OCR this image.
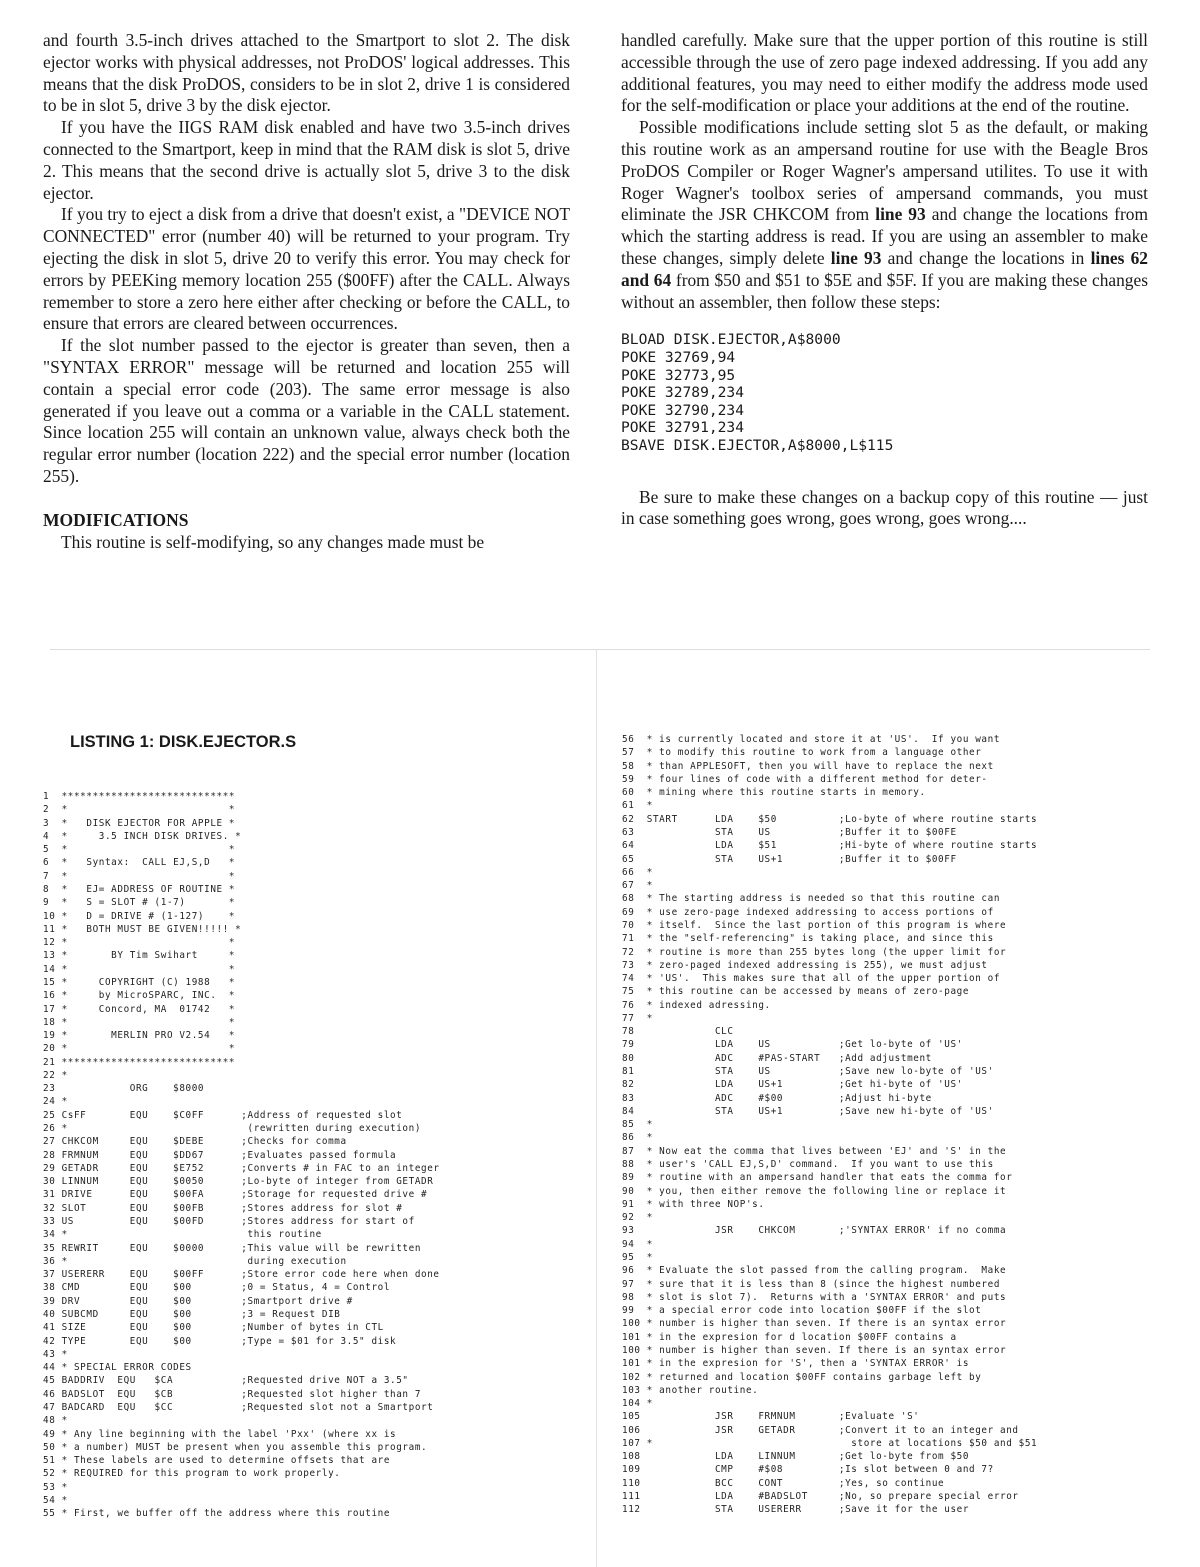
and fourth 3.5-inch drives attached to the Smartport to slot 2. The disk ejector works with physical addresses, not ProDOS' logical addresses. This means that the disk ProDOS, considers to be in slot 2, drive 1 is considered to be in slot 5, drive 3 by the disk ejector.

If you have the IIGS RAM disk enabled and have two 3.5-inch drives connected to the Smartport, keep in mind that the RAM disk is slot 5, drive 2. This means that the second drive is actually slot 5, drive 3 to the disk ejector.

If you try to eject a disk from a drive that doesn't exist, a "DEVICE NOT CONNECTED" error (number 40) will be returned to your program. Try ejecting the disk in slot 5, drive 20 to verify this error. You may check for errors by PEEKing memory location 255 ($00FF) after the CALL. Always remember to store a zero here either after checking or before the CALL, to ensure that errors are cleared between occurrences.

If the slot number passed to the ejector is greater than seven, then a "SYNTAX ERROR" message will be returned and location 255 will contain a special error code (203). The same error message is also generated if you leave out a comma or a variable in the CALL statement. Since location 255 will contain an unknown value, always check both the regular error number (location 222) and the special error number (location 255).

MODIFICATIONS

This routine is self-modifying, so any changes made must be

handled carefully. Make sure that the upper portion of this routine is still accessible through the use of zero page indexed addressing. If you add any additional features, you may need to either modify the address mode used for the self-modification or place your additions at the end of the routine.

Possible modifications include setting slot 5 as the default, or making this routine work as an ampersand routine for use with the Beagle Bros ProDOS Compiler or Roger Wagner's ampersand utilites. To use it with Roger Wagner's toolbox series of ampersand commands, you must eliminate the JSR CHKCOM from line 93 and change the locations from which the starting address is read. If you are using an assembler to make these changes, simply delete line 93 and change the locations in lines 62 and 64 from $50 and $51 to $5E and $5F. If you are making these changes without an assembler, then follow these steps:

BLOAD DISK.EJECTOR,A$8000
POKE 32769,94
POKE 32773,95
POKE 32789,234
POKE 32790,234
POKE 32791,234
BSAVE DISK.EJECTOR,A$8000,L$115

Be sure to make these changes on a backup copy of this routine — just in case something goes wrong, goes wrong, goes wrong....

LISTING 1: DISK.EJECTOR.S
1  ****************************
2  *                          *
3  *   DISK EJECTOR FOR APPLE *
4  *     3.5 INCH DISK DRIVES. *
5  *                          *
6  *   Syntax:  CALL EJ,S,D   *
7  *                          *
8  *   EJ= ADDRESS OF ROUTINE *
9  *   S = SLOT # (1-7)       *
10 *   D = DRIVE # (1-127)    *
11 *   BOTH MUST BE GIVEN!!!!! *
12 *                          *
13 *       BY Tim Swihart     *
14 *                          *
15 *     COPYRIGHT (C) 1988   *
16 *     by MicroSPARC, INC.  *
17 *     Concord, MA  01742   *
18 *                          *
19 *       MERLIN PRO V2.54   *
20 *                          *
21 ****************************
22 *
23            ORG    $8000
24 *
25 CsFF       EQU    $C0FF      ;Address of requested slot
26 *                             (rewritten during execution)
27 CHKCOM     EQU    $DEBE      ;Checks for comma
28 FRMNUM     EQU    $DD67      ;Evaluates passed formula
29 GETADR     EQU    $E752      ;Converts # in FAC to an integer
30 LINNUM     EQU    $0050      ;Lo-byte of integer from GETADR
31 DRIVE      EQU    $00FA      ;Storage for requested drive #
32 SLOT       EQU    $00FB      ;Stores address for slot #
33 US         EQU    $00FD      ;Stores address for start of
34 *                             this routine
35 REWRIT     EQU    $0000      ;This value will be rewritten
36 *                             during execution
37 USERERR    EQU    $00FF      ;Store error code here when done
38 CMD        EQU    $00        ;0 = Status, 4 = Control
39 DRV        EQU    $00        ;Smartport drive #
40 SUBCMD     EQU    $00        ;3 = Request DIB
41 SIZE       EQU    $00        ;Number of bytes in CTL
42 TYPE       EQU    $00        ;Type = $01 for 3.5" disk
43 *
44 * SPECIAL ERROR CODES
45 BADDRIV  EQU   $CA           ;Requested drive NOT a 3.5"
46 BADSLOT  EQU   $CB           ;Requested slot higher than 7
47 BADCARD  EQU   $CC           ;Requested slot not a Smartport
48 *
49 * Any line beginning with the label 'Pxx' (where xx is
50 * a number) MUST be present when you assemble this program.
51 * These labels are used to determine offsets that are
52 * REQUIRED for this program to work properly.
53 *
54 *
55 * First, we buffer off the address where this routine
56  * is currently located and store it at 'US'.  If you want
57  * to modify this routine to work from a language other
58  * than APPLESOFT, then you will have to replace the next
59  * four lines of code with a different method for deter-
60  * mining where this routine starts in memory.
61  *
62  START      LDA    $50          ;Lo-byte of where routine starts
63             STA    US           ;Buffer it to $00FE
64             LDA    $51          ;Hi-byte of where routine starts
65             STA    US+1         ;Buffer it to $00FF
66  *
67  *
68  * The starting address is needed so that this routine can
69  * use zero-page indexed addressing to access portions of
70  * itself.  Since the last portion of this program is where
71  * the "self-referencing" is taking place, and since this
72  * routine is more than 255 bytes long (the upper limit for
73  * zero-paged indexed addressing is 255), we must adjust
74  * 'US'.  This makes sure that all of the upper portion of
75  * this routine can be accessed by means of zero-page
76  * indexed adressing.
77  *
78             CLC
79             LDA    US           ;Get lo-byte of 'US'
80             ADC    #PAS-START   ;Add adjustment
81             STA    US           ;Save new lo-byte of 'US'
82             LDA    US+1         ;Get hi-byte of 'US'
83             ADC    #$00         ;Adjust hi-byte
84             STA    US+1         ;Save new hi-byte of 'US'
85  *
86  *
87  * Now eat the comma that lives between 'EJ' and 'S' in the
88  * user's 'CALL EJ,S,D' command.  If you want to use this
89  * routine with an ampersand handler that eats the comma for
90  * you, then either remove the following line or replace it
91  * with three NOP's.
92  *
93             JSR    CHKCOM       ;'SYNTAX ERROR' if no comma
94  *
95  *
96  * Evaluate the slot passed from the calling program.  Make
97  * sure that it is less than 8 (since the highest numbered
98  * slot is slot 7).  Returns with a 'SYNTAX ERROR' and puts
99  * a special error code into location $00FF if the slot
100 * number is higher than seven. If there is an syntax error
101 * in the expresion for d location $00FF contains a
100 * number is higher than seven. If there is an syntax error
101 * in the expresion for 'S', then a 'SYNTAX ERROR' is
102 * returned and location $00FF contains garbage left by
103 * another routine.
104 *
105            JSR    FRMNUM       ;Evaluate 'S'
106            JSR    GETADR       ;Convert it to an integer and
107 *                                store at locations $50 and $51
108            LDA    LINNUM       ;Get lo-byte from $50
109            CMP    #$08         ;Is slot between 0 and 7?
110            BCC    CONT         ;Yes, so continue
111            LDA    #BADSLOT     ;No, so prepare special error
112            STA    USERERR      ;Save it for the user
